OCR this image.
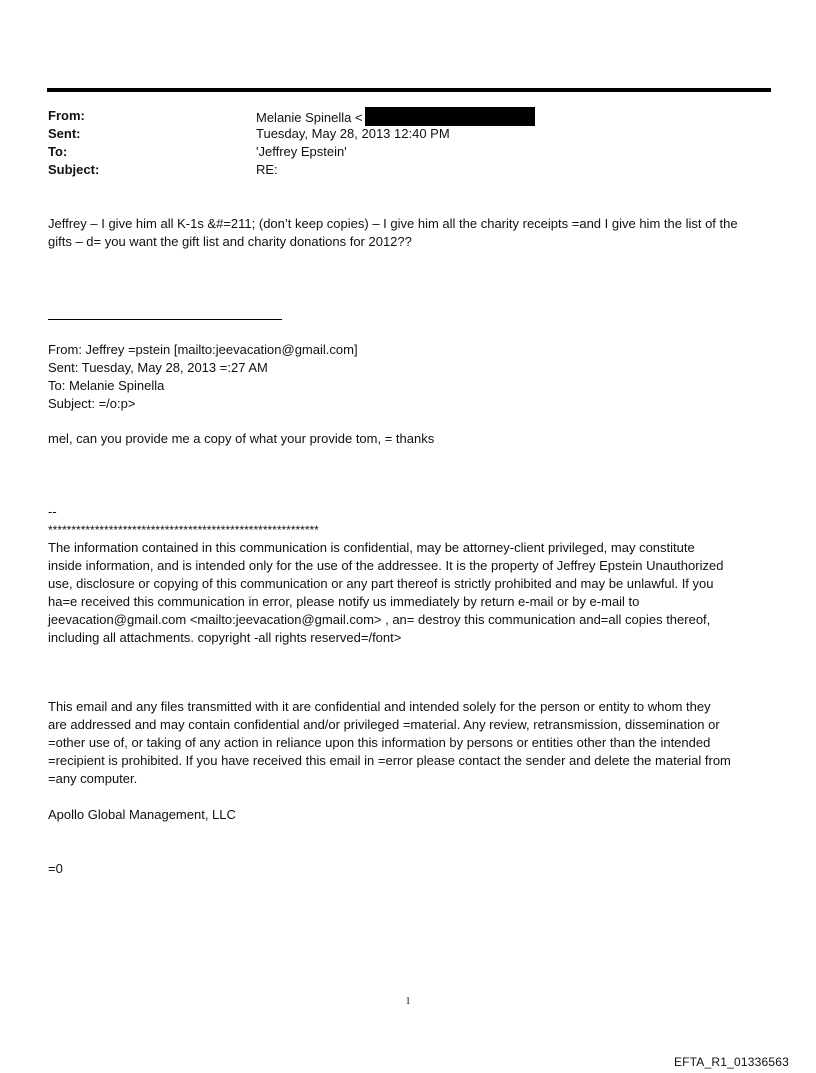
From:	Melanie Spinella <
Sent:	Tuesday, May 28, 2013 12:40 PM
To:	'Jeffrey Epstein'
Subject:	RE:
Jeffrey – I give him all K-1s &#=211; (don’t keep copies) – I give him all the charity receipts =and I give him the list of the
gifts – d= you want the gift list and charity donations for 2012??
From: Jeffrey =pstein [mailto:jeevacation@gmail.com]
Sent: Tuesday, May 28, 2013 =:27 AM
To: Melanie Spinella
Subject: =/o:p>
mel, can you provide me a copy of what your provide tom, = thanks
--
**********************************************************
The information contained in this communication is confidential, may be attorney-client privileged, may constitute
inside information, and is intended only for the use of the addressee. It is the property of Jeffrey Epstein Unauthorized
use, disclosure or copying of this communication or any part thereof is strictly prohibited and may be unlawful. If you
ha=e received this communication in error, please notify us immediately by return e-mail or by e-mail to
jeevacation@gmail.com <mailto:jeevacation@gmail.com> , an= destroy this communication and=all copies thereof,
including all attachments. copyright -all rights reserved=/font>
This email and any files transmitted with it are confidential and intended solely for the person or entity to whom they
are addressed and may contain confidential and/or privileged =material. Any review, retransmission, dissemination or
=other use of, or taking of any action in reliance upon this information by persons or entities other than the intended
=recipient is prohibited. If you have received this email in =error please contact the sender and delete the material from
=any computer.
Apollo Global Management, LLC
=0
1
EFTA_R1_01336563
